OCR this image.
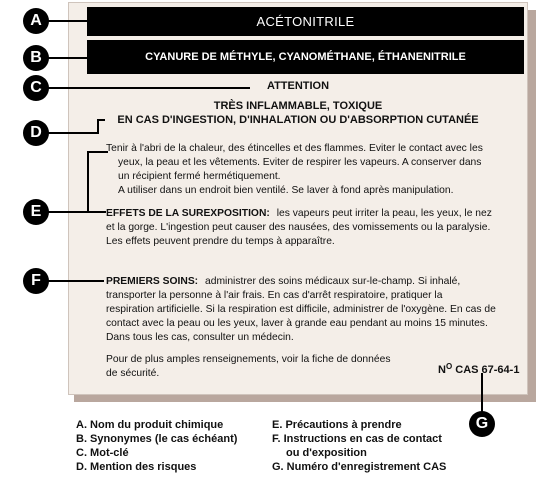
ACÉTONITRILE
CYANURE DE MÉTHYLE, CYANOMÉTHANE, ÉTHANENITRILE
ATTENTION
TRÈS INFLAMMABLE, TOXIQUE
EN CAS D'INGESTION, D'INHALATION OU D'ABSORPTION CUTANÉE
Tenir à l'abri de la chaleur, des étincelles et des flammes. Eviter le contact avec les
yeux, la peau et les vêtements. Eviter de respirer les vapeurs. A conserver dans
un récipient fermé hermétiquement.
A utiliser dans un endroit bien ventilé. Se laver à fond après manipulation.
EFFETS DE LA SUREXPOSITION: les vapeurs peut irriter la peau, les yeux, le nez
et la gorge. L'ingestion peut causer des nausées, des vomissements ou la paralysie.
Les effets peuvent prendre du temps à apparaître.
PREMIERS SOINS: administrer des soins médicaux sur-le-champ. Si inhalé,
transporter la personne à l'air frais. En cas d'arrêt respiratoire, pratiquer la
respiration artificielle. Si la respiration est difficile, administrer de l'oxygène. En cas de
contact avec la peau ou les yeux, laver à grande eau pendant au moins 15 minutes.
Dans tous les cas, consulter un médecin.
Pour de plus amples renseignements, voir la fiche de données
de sécurité.	$N^O$ CAS 67-64-1
A
B
C
D
E
F
G
A. Nom du produit chimique
B. Synonymes (le cas échéant)
C. Mot-clé
D. Mention des risques
E. Précautions à prendre
F. Instructions en cas de contact
ou d'exposition
G. Numéro d'enregistrement CAS
